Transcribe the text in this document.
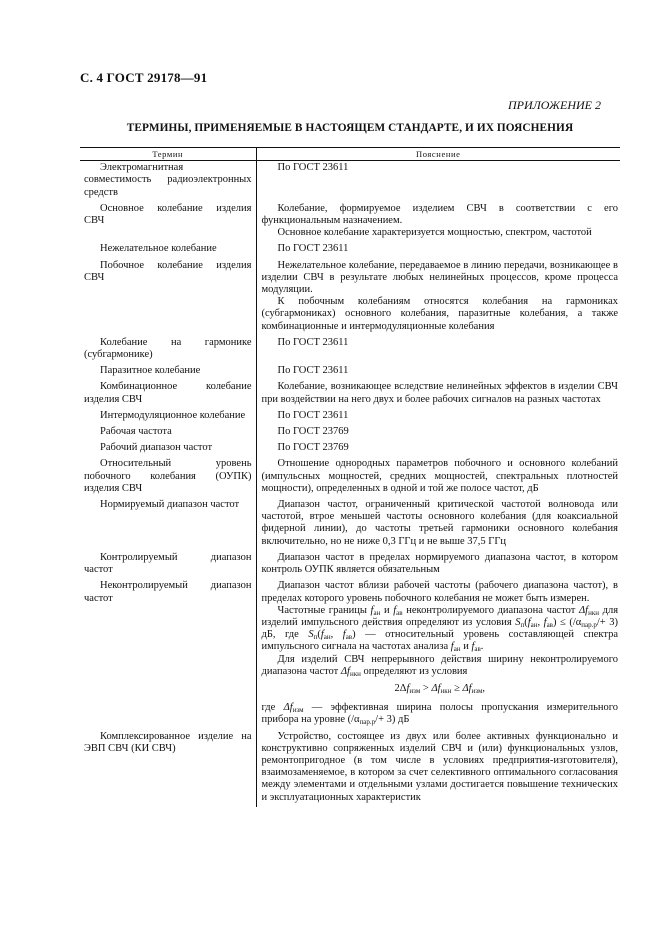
С. 4 ГОСТ 29178—91
ПРИЛОЖЕНИЕ 2
ТЕРМИНЫ, ПРИМЕНЯЕМЫЕ В НАСТОЯЩЕМ СТАНДАРТЕ, И ИХ ПОЯСНЕНИЯ
Термин	Пояснение
Электромагнитная совместимость радиоэлектронных средств	По ГОСТ 23611

Основное колебание изделия СВЧ	Колебание, формируемое изделием СВЧ в соответствии с его функциональным назначением.

Основное колебание характеризуется мощностью, спектром, частотой

Нежелательное колебание	По ГОСТ 23611

Побочное колебание изделия СВЧ	Нежелательное колебание, передаваемое в линию передачи, возникающее в изделии СВЧ в результате любых нелинейных процессов, кроме процесса модуляции.

К побочным колебаниям относятся колебания на гармониках (субгармониках) основного колебания, паразитные колебания, а также комбинационные и интермодуляционные колебания

Колебание на гармонике (субгармонике)	По ГОСТ 23611

Паразитное колебание	По ГОСТ 23611

Комбинационное колебание изделия СВЧ	Колебание, возникающее вследствие нелинейных эффектов в изделии СВЧ при воздействии на него двух и более рабочих сигналов на разных частотах

Интермодуляционное колебание	По ГОСТ 23611

Рабочая частота	По ГОСТ 23769

Рабочий диапазон частот	По ГОСТ 23769

Относительный уровень побочного колебания (ОУПК) изделия СВЧ	Отношение однородных параметров побочного и основного колебаний (импульсных мощностей, средних мощностей, спектральных плотностей мощности), определенных в одной и той же полосе частот, дБ

Нормируемый диапазон частот	Диапазон частот, ограниченный критической частотой волновода или частотой, втрое меньшей частоты основного колебания (для коаксиальной фидерной линии), до частоты третьей гармоники основного колебания включительно, но не ниже 0,3 ГГц и не выше 37,5 ГГц

Контролируемый диапазон частот	Диапазон частот в пределах нормируемого диапазона частот, в котором контроль ОУПК является обязательным

Неконтролируемый диапазон частот	Диапазон частот вблизи рабочей частоты (рабочего диапазона частот), в пределах которого уровень побочного колебания не может быть измерен.

Частотные границы $f_{ан}$ и $f_{ав}$ неконтролируемого диапазона частот $\Delta f_{нкн}$ для изделий импульсного действия определяют из условия $S_п(f_{ан}$, $f_{ав}) \le (/\alpha_{пар.р}/+ 3)$ дБ, где $S_п(f_{ан}$, $f_{ав}$) — относительный уровень составляющей спектра импульсного сигнала на частотах анализа $f_{ан}$ и $f_{ав}$.

Для изделий СВЧ непрерывного действия ширину неконтролируемого диапазона частот $\Delta f_{нкн}$ определяют из условия

$2\Delta f_{изм} > \Delta f_{нкн} \ge \Delta f_{изм}$,

где $\Delta f_{изм}$ — эффективная ширина полосы пропускания измерительного прибора на уровне $(/\alpha_{пар.р}/+ 3)$ дБ

Комплексированное изделие на ЭВП СВЧ (КИ СВЧ)	Устройство, состоящее из двух или более активных функционально и конструктивно сопряженных изделий СВЧ и (или) функциональных узлов, ремонтопригодное (в том числе в условиях предприятия-изготовителя), взаимозаменяемое, в котором за счет селективного оптимального согласования между элементами и отдельными узлами достигается повышение технических и эксплуатационных характеристик
